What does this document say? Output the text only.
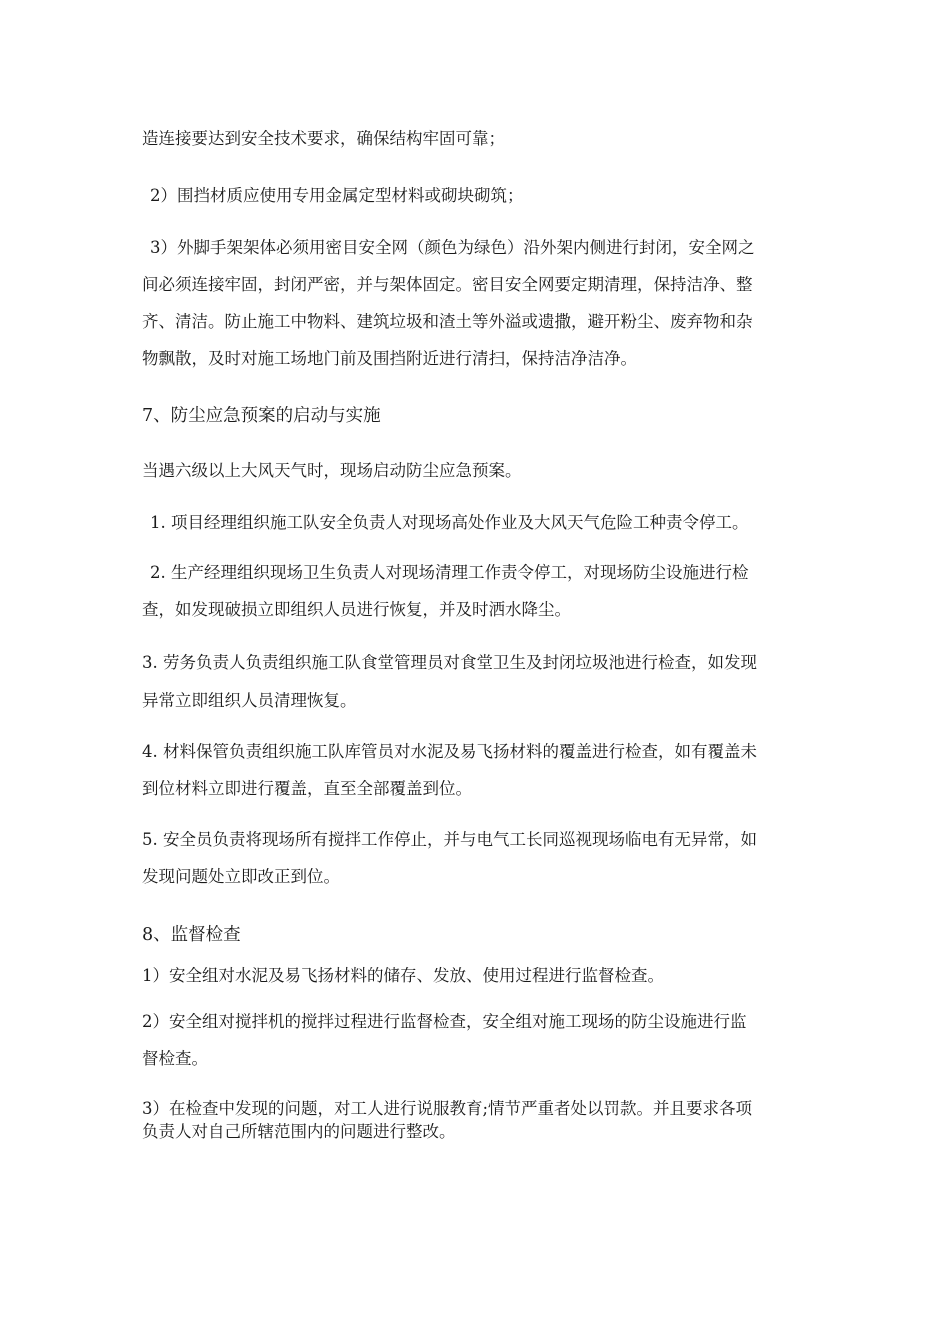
造连接要达到安全技术要求，确保结构牢固可靠；

2）围挡材质应使用专用金属定型材料或砌块砌筑；

3）外脚手架架体必须用密目安全网（颜色为绿色）沿外架内侧进行封闭，安全网之

间必须连接牢固，封闭严密，并与架体固定。密目安全网要定期清理，保持洁净、整

齐、清洁。防止施工中物料、建筑垃圾和渣土等外溢或遗撒，避开粉尘、废弃物和杂

物飘散，及时对施工场地门前及围挡附近进行清扫，保持洁净洁净。

7、防尘应急预案的启动与实施

当遇六级以上大风天气时，现场启动防尘应急预案。

1. 项目经理组织施工队安全负责人对现场高处作业及大风天气危险工种责令停工。

2. 生产经理组织现场卫生负责人对现场清理工作责令停工，对现场防尘设施进行检

查，如发现破损立即组织人员进行恢复，并及时洒水降尘。

3. 劳务负责人负责组织施工队食堂管理员对食堂卫生及封闭垃圾池进行检查，如发现

异常立即组织人员清理恢复。

4. 材料保管负责组织施工队库管员对水泥及易飞扬材料的覆盖进行检查，如有覆盖未

到位材料立即进行覆盖，直至全部覆盖到位。

5. 安全员负责将现场所有搅拌工作停止，并与电气工长同巡视现场临电有无异常，如

发现问题处立即改正到位。

8、监督检查

1）安全组对水泥及易飞扬材料的储存、发放、使用过程进行监督检查。

2）安全组对搅拌机的搅拌过程进行监督检查，安全组对施工现场的防尘设施进行监

督检查。

3）在检查中发现的问题，对工人进行说服教育;情节严重者处以罚款。并且要求各项

负责人对自己所辖范围内的问题进行整改。
